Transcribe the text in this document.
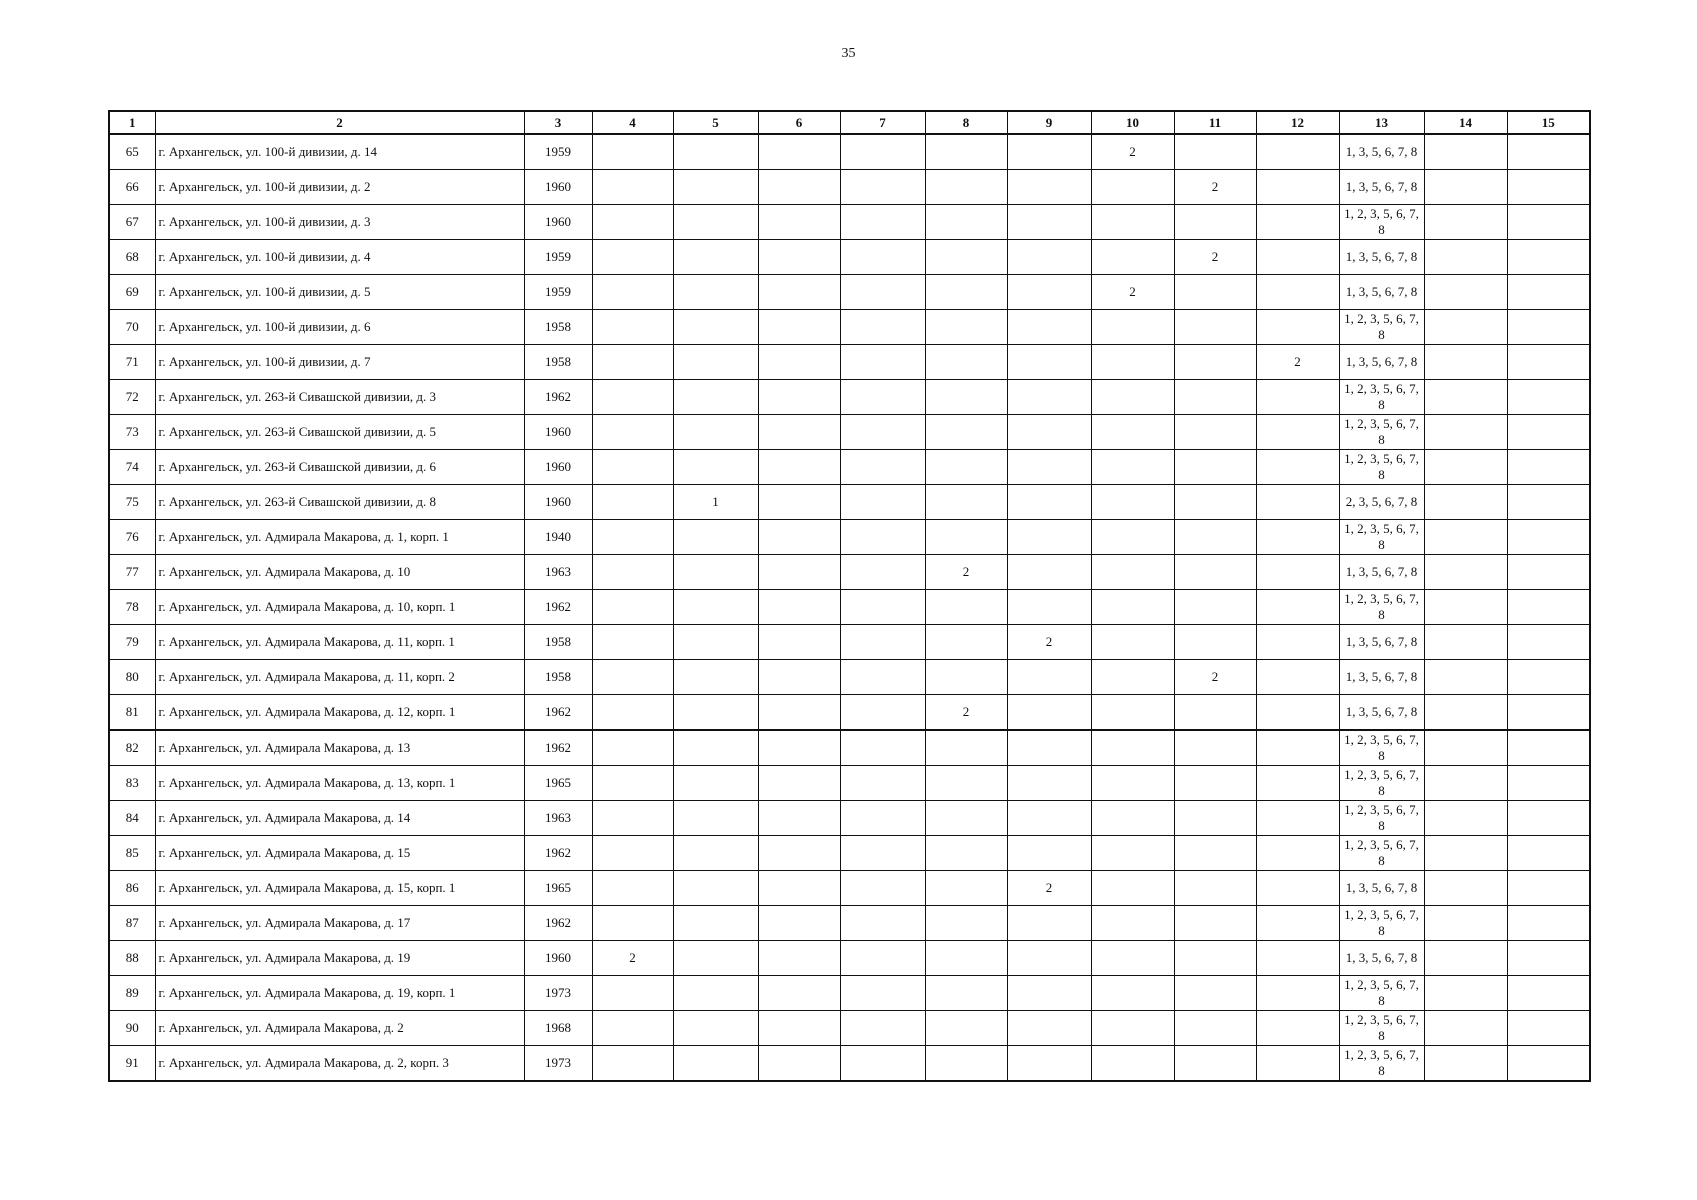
35
1	2	3	4	5	6	7	8	9	10	11	12	13	14	15
65	г. Архангельск, ул. 100-й дивизии, д. 14	1959							2			1, 3, 5, 6, 7, 8		
66	г. Архангельск, ул. 100-й дивизии, д. 2	1960								2		1, 3, 5, 6, 7, 8		
67	г. Архангельск, ул. 100-й дивизии, д. 3	1960										1, 2, 3, 5, 6, 7, 8		
68	г. Архангельск, ул. 100-й дивизии, д. 4	1959								2		1, 3, 5, 6, 7, 8		
69	г. Архангельск, ул. 100-й дивизии, д. 5	1959							2			1, 3, 5, 6, 7, 8		
70	г. Архангельск, ул. 100-й дивизии, д. 6	1958										1, 2, 3, 5, 6, 7, 8		
71	г. Архангельск, ул. 100-й дивизии, д. 7	1958									2	1, 3, 5, 6, 7, 8		
72	г. Архангельск, ул. 263-й Сивашской дивизии, д. 3	1962										1, 2, 3, 5, 6, 7, 8		
73	г. Архангельск, ул. 263-й Сивашской дивизии, д. 5	1960										1, 2, 3, 5, 6, 7, 8		
74	г. Архангельск, ул. 263-й Сивашской дивизии, д. 6	1960										1, 2, 3, 5, 6, 7, 8		
75	г. Архангельск, ул. 263-й Сивашской дивизии, д. 8	1960		1								2, 3, 5, 6, 7, 8		
76	г. Архангельск, ул. Адмирала Макарова, д. 1, корп. 1	1940										1, 2, 3, 5, 6, 7, 8		
77	г. Архангельск, ул. Адмирала Макарова, д. 10	1963					2					1, 3, 5, 6, 7, 8		
78	г. Архангельск, ул. Адмирала Макарова, д. 10, корп. 1	1962										1, 2, 3, 5, 6, 7, 8		
79	г. Архангельск, ул. Адмирала Макарова, д. 11, корп. 1	1958						2				1, 3, 5, 6, 7, 8		
80	г. Архангельск, ул. Адмирала Макарова, д. 11, корп. 2	1958								2		1, 3, 5, 6, 7, 8		
81	г. Архангельск, ул. Адмирала Макарова, д. 12, корп. 1	1962					2					1, 3, 5, 6, 7, 8		
82	г. Архангельск, ул. Адмирала Макарова, д. 13	1962										1, 2, 3, 5, 6, 7, 8		
83	г. Архангельск, ул. Адмирала Макарова, д. 13, корп. 1	1965										1, 2, 3, 5, 6, 7, 8		
84	г. Архангельск, ул. Адмирала Макарова, д. 14	1963										1, 2, 3, 5, 6, 7, 8		
85	г. Архангельск, ул. Адмирала Макарова, д. 15	1962										1, 2, 3, 5, 6, 7, 8		
86	г. Архангельск, ул. Адмирала Макарова, д. 15, корп. 1	1965						2				1, 3, 5, 6, 7, 8		
87	г. Архангельск, ул. Адмирала Макарова, д. 17	1962										1, 2, 3, 5, 6, 7, 8		
88	г. Архангельск, ул. Адмирала Макарова, д. 19	1960	2									1, 3, 5, 6, 7, 8		
89	г. Архангельск, ул. Адмирала Макарова, д. 19, корп. 1	1973										1, 2, 3, 5, 6, 7, 8		
90	г. Архангельск, ул. Адмирала Макарова, д. 2	1968										1, 2, 3, 5, 6, 7, 8		
91	г. Архангельск, ул. Адмирала Макарова, д. 2, корп. 3	1973										1, 2, 3, 5, 6, 7, 8		
